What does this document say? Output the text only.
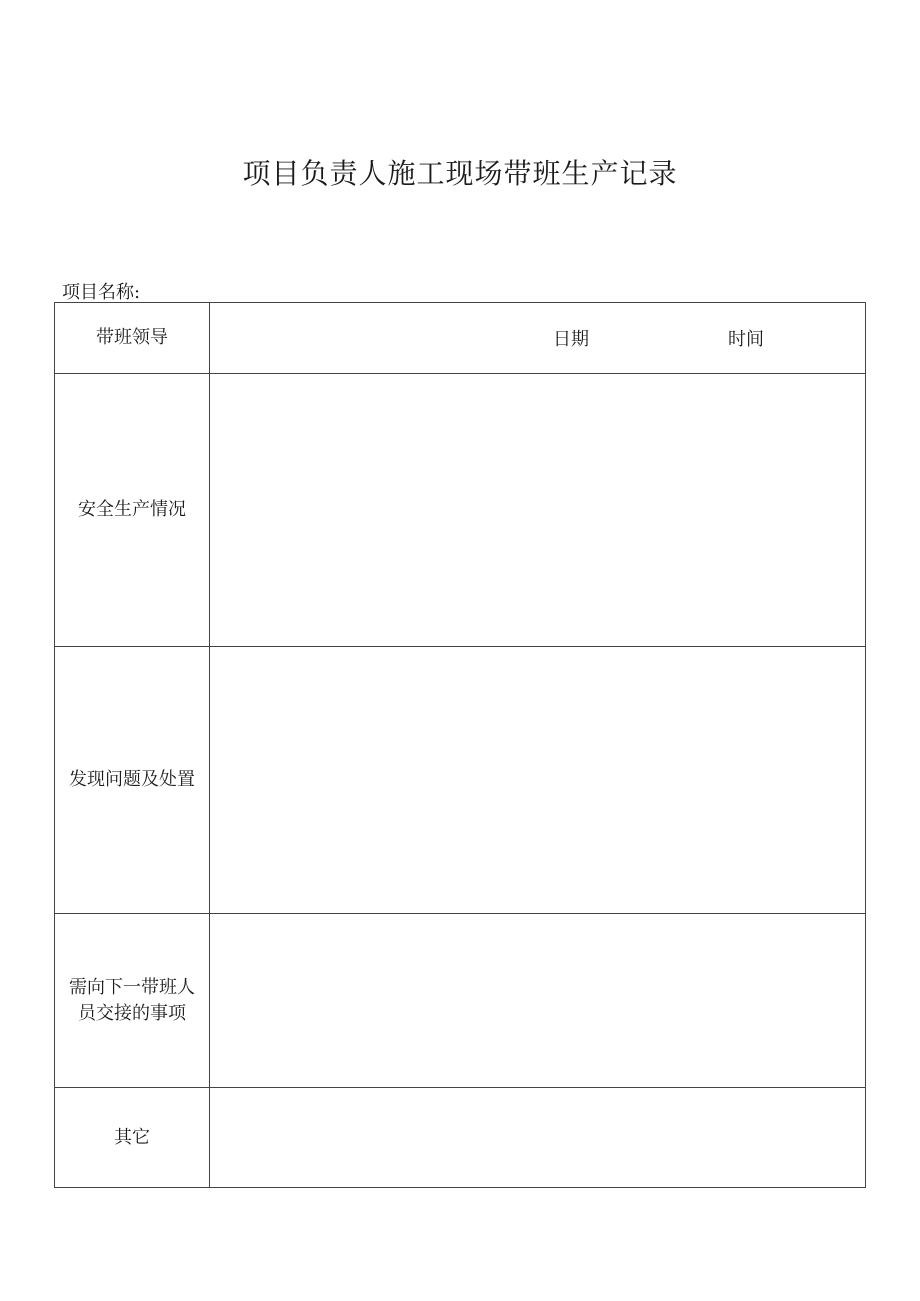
项目负责人施工现场带班生产记录
项目名称:
带班领导	日期	时间
安全生产情况
发现问题及处置
需向下一带班人
员交接的事项
其它
